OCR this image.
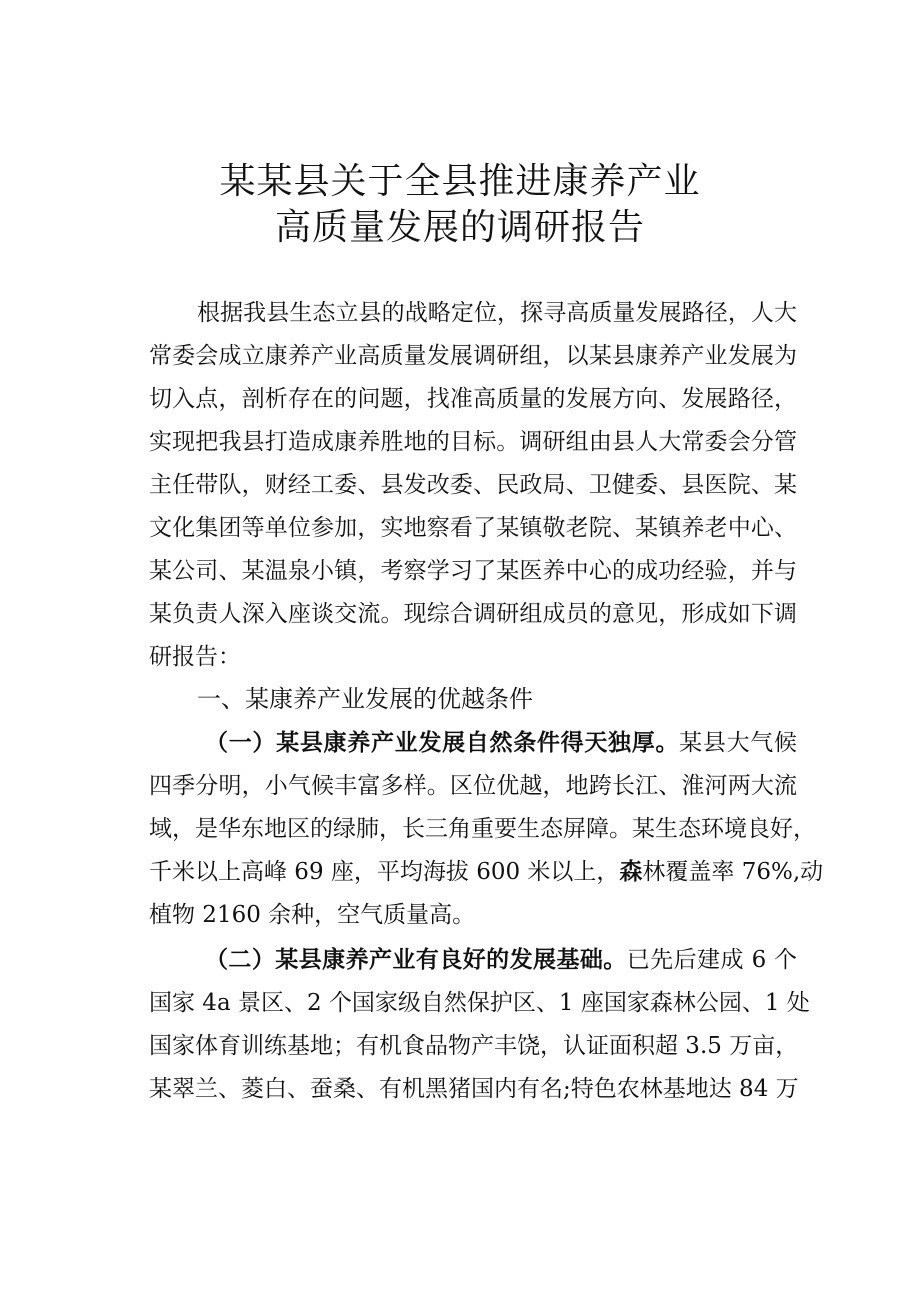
某某县关于全县推进康养产业
高质量发展的调研报告
根据我县生态立县的战略定位，探寻高质量发展路径，人大
常委会成立康养产业高质量发展调研组，以某县康养产业发展为
切入点，剖析存在的问题，找准高质量的发展方向、发展路径，
实现把我县打造成康养胜地的目标。调研组由县人大常委会分管
主任带队，财经工委、县发改委、民政局、卫健委、县医院、某
文化集团等单位参加，实地察看了某镇敬老院、某镇养老中心、
某公司、某温泉小镇，考察学习了某医养中心的成功经验，并与
某负责人深入座谈交流。现综合调研组成员的意见，形成如下调
研报告：
一、某康养产业发展的优越条件
（一）某县康养产业发展自然条件得天独厚。某县大气候
四季分明，小气候丰富多样。区位优越，地跨长江、淮河两大流
域，是华东地区的绿肺，长三角重要生态屏障。某生态环境良好，
千米以上高峰 69 座，平均海拔 600 米以上，森林覆盖率 76%,动
植物 2160 余种，空气质量高。
（二）某县康养产业有良好的发展基础。已先后建成 6 个
国家 4a 景区、2 个国家级自然保护区、1 座国家森林公园、1 处
国家体育训练基地；有机食品物产丰饶，认证面积超 3.5 万亩，
某翠兰、菱白、蚕桑、有机黑猪国内有名;特色农林基地达 84 万
